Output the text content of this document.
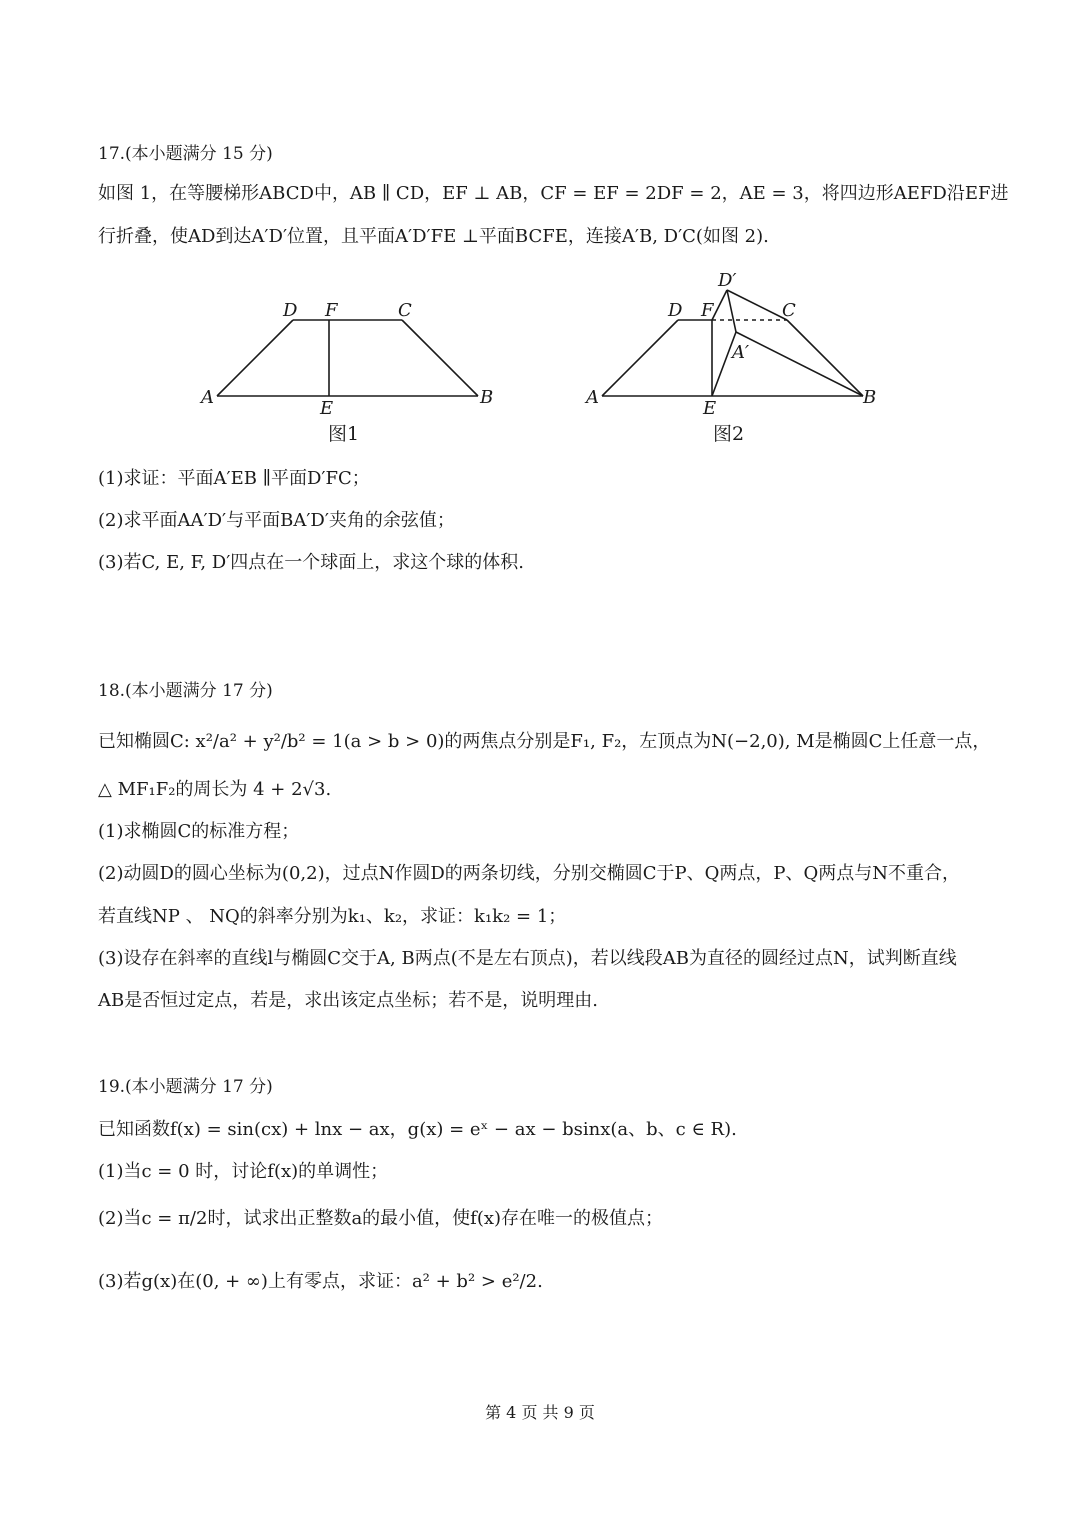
17.(本小题满分 15 分)
如图 1，在等腰梯形ABCD中，AB ∥ CD，EF ⊥ AB，CF = EF = 2DF = 2，AE = 3，将四边形AEFD沿EF进
行折叠，使AD到达A′D′位置，且平面A′D′FE ⊥平面BCFE，连接A′B, D′C(如图 2).
D F	C
A
E
B
图1
D′
D F	C
A′
A
E
B
图2
(1)求证：平面A′EB ∥平面D′FC；
(2)求平面AA′D′与平面BA′D′夹角的余弦值；
(3)若C, E, F, D′四点在一个球面上，求这个球的体积.
18.(本小题满分 17 分)
已知椭圆C: x²/a² + y²/b² = 1(a > b > 0)的两焦点分别是F₁, F₂，左顶点为N(−2,0), M是椭圆C上任意一点，
△ MF₁F₂的周长为 4 + 2√3.
(1)求椭圆C的标准方程；
(2)动圆D的圆心坐标为(0,2)，过点N作圆D的两条切线，分别交椭圆C于P、Q两点，P、Q两点与N不重合，
若直线NP 、 NQ的斜率分别为k₁、k₂，求证：k₁k₂ = 1；
(3)设存在斜率的直线l与椭圆C交于A, B两点(不是左右顶点)，若以线段AB为直径的圆经过点N，试判断直线
AB是否恒过定点，若是，求出该定点坐标；若不是，说明理由.
19.(本小题满分 17 分)
已知函数f(x) = sin(cx) + lnx − ax，g(x) = eˣ − ax − bsinx(a、b、c ∈ R).
(1)当c = 0 时，讨论f(x)的单调性；
(2)当c = π/2时，试求出正整数a的最小值，使f(x)存在唯一的极值点；
(3)若g(x)在(0, + ∞)上有零点，求证：a² + b² > e²/2.
第 4 页 共 9 页
